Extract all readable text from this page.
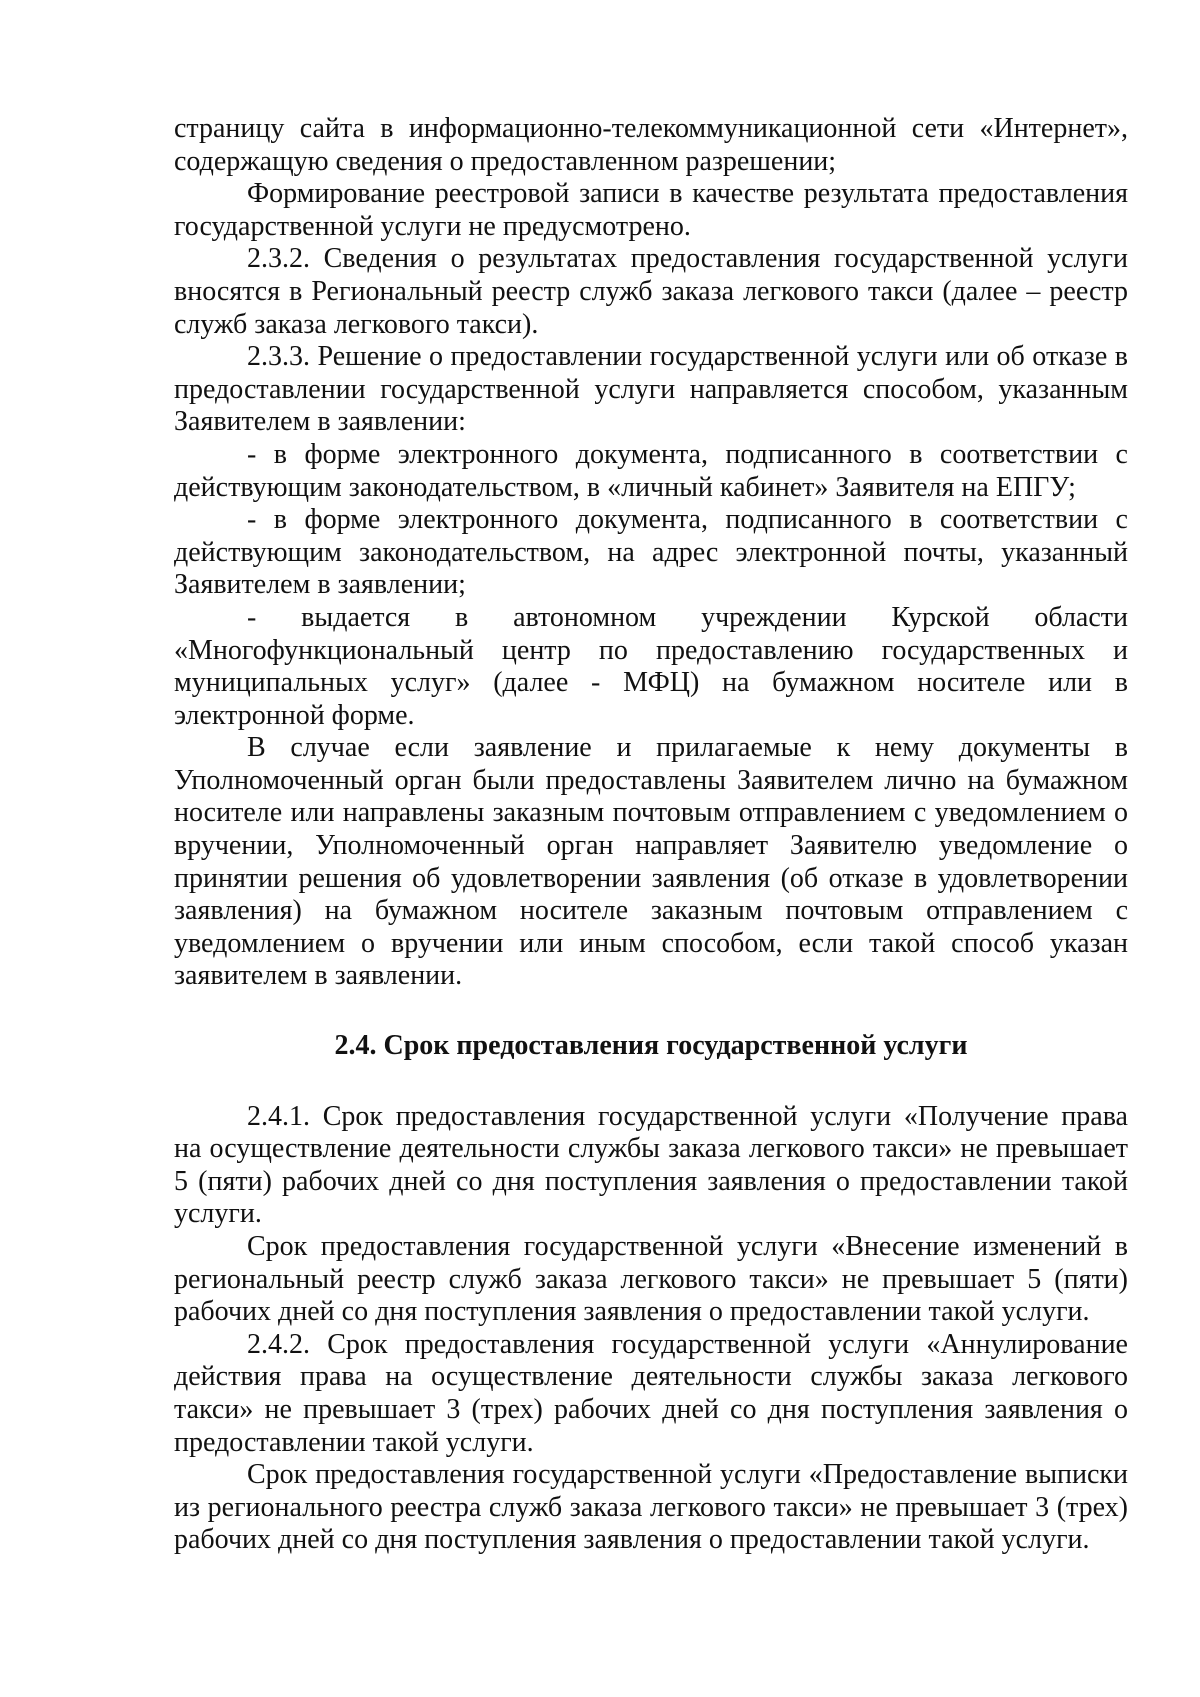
страницу сайта в информационно-телекоммуникационной сети «Интернет», содержащую сведения о предоставленном разрешении;

Формирование реестровой записи в качестве результата предоставления государственной услуги не предусмотрено.

2.3.2. Сведения о результатах предоставления государственной услуги вносятся в Региональный реестр служб заказа легкового такси (далее – реестр служб заказа легкового такси).

2.3.3. Решение о предоставлении государственной услуги или об отказе в предоставлении государственной услуги направляется способом, указанным Заявителем в заявлении:

- в форме электронного документа, подписанного в соответствии с действующим законодательством, в «личный кабинет» Заявителя на ЕПГУ;

- в форме электронного документа, подписанного в соответствии с действующим законодательством, на адрес электронной почты, указанный Заявителем в заявлении;

- выдается в автономном учреждении Курской области «Многофункциональный центр по предоставлению государственных и муниципальных услуг» (далее - МФЦ) на бумажном носителе или в электронной форме.

В случае если заявление и прилагаемые к нему документы в Уполномоченный орган были предоставлены Заявителем лично на бумажном носителе или направлены заказным почтовым отправлением с уведомлением о вручении, Уполномоченный орган направляет Заявителю уведомление о принятии решения об удовлетворении заявления (об отказе в удовлетворении заявления) на бумажном носителе заказным почтовым отправлением с уведомлением о вручении или иным способом, если такой способ указан заявителем в заявлении.

2.4. Срок предоставления государственной услуги

2.4.1. Срок предоставления государственной услуги «Получение права на осуществление деятельности службы заказа легкового такси» не превышает 5 (пяти) рабочих дней со дня поступления заявления о предоставлении такой услуги.

Срок предоставления государственной услуги «Внесение изменений в региональный реестр служб заказа легкового такси» не превышает 5 (пяти) рабочих дней со дня поступления заявления о предоставлении такой услуги.

2.4.2. Срок предоставления государственной услуги «Аннулирование действия права на осуществление деятельности службы заказа легкового такси» не превышает 3 (трех) рабочих дней со дня поступления заявления о предоставлении такой услуги.

Срок предоставления государственной услуги «Предоставление выписки из регионального реестра служб заказа легкового такси» не превышает 3 (трех) рабочих дней со дня поступления заявления о предоставлении такой услуги.
